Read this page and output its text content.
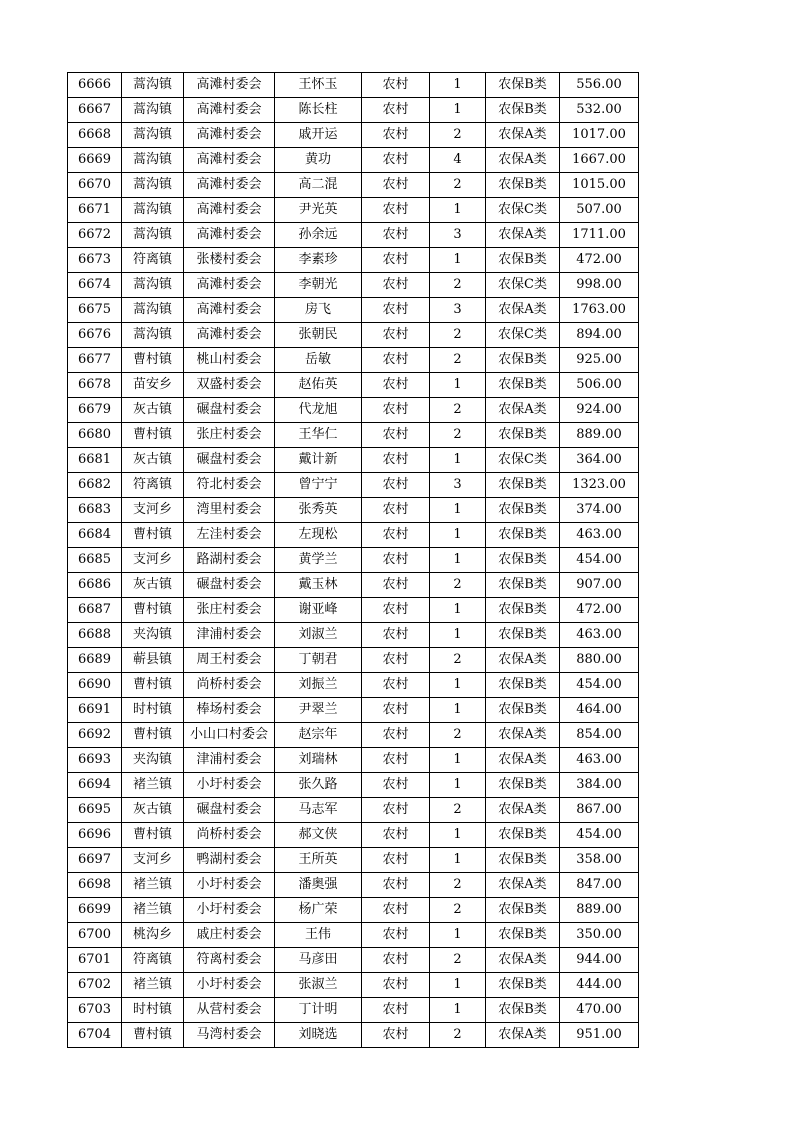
6666	蒿沟镇	高滩村委会	王怀玉	农村	1	农保B类	556.00
6667	蒿沟镇	高滩村委会	陈长柱	农村	1	农保B类	532.00
6668	蒿沟镇	高滩村委会	戚开运	农村	2	农保A类	1017.00
6669	蒿沟镇	高滩村委会	黄功	农村	4	农保A类	1667.00
6670	蒿沟镇	高滩村委会	高二混	农村	2	农保B类	1015.00
6671	蒿沟镇	高滩村委会	尹光英	农村	1	农保C类	507.00
6672	蒿沟镇	高滩村委会	孙余远	农村	3	农保A类	1711.00
6673	符离镇	张楼村委会	李素珍	农村	1	农保B类	472.00
6674	蒿沟镇	高滩村委会	李朝光	农村	2	农保C类	998.00
6675	蒿沟镇	高滩村委会	房飞	农村	3	农保A类	1763.00
6676	蒿沟镇	高滩村委会	张朝民	农村	2	农保C类	894.00
6677	曹村镇	桃山村委会	岳敏	农村	2	农保B类	925.00
6678	苗安乡	双盛村委会	赵佑英	农村	1	农保B类	506.00
6679	灰古镇	碾盘村委会	代龙旭	农村	2	农保A类	924.00
6680	曹村镇	张庄村委会	王华仁	农村	2	农保B类	889.00
6681	灰古镇	碾盘村委会	戴计新	农村	1	农保C类	364.00
6682	符离镇	符北村委会	曾宁宁	农村	3	农保B类	1323.00
6683	支河乡	湾里村委会	张秀英	农村	1	农保B类	374.00
6684	曹村镇	左洼村委会	左现松	农村	1	农保B类	463.00
6685	支河乡	路湖村委会	黄学兰	农村	1	农保B类	454.00
6686	灰古镇	碾盘村委会	戴玉林	农村	2	农保B类	907.00
6687	曹村镇	张庄村委会	谢亚峰	农村	1	农保B类	472.00
6688	夹沟镇	津浦村委会	刘淑兰	农村	1	农保B类	463.00
6689	蕲县镇	周王村委会	丁朝君	农村	2	农保A类	880.00
6690	曹村镇	尚桥村委会	刘振兰	农村	1	农保B类	454.00
6691	时村镇	棒场村委会	尹翠兰	农村	1	农保B类	464.00
6692	曹村镇	小山口村委会	赵宗年	农村	2	农保A类	854.00
6693	夹沟镇	津浦村委会	刘瑞林	农村	1	农保A类	463.00
6694	褚兰镇	小圩村委会	张久路	农村	1	农保B类	384.00
6695	灰古镇	碾盘村委会	马志军	农村	2	农保A类	867.00
6696	曹村镇	尚桥村委会	郝文侠	农村	1	农保B类	454.00
6697	支河乡	鸭湖村委会	王所英	农村	1	农保B类	358.00
6698	褚兰镇	小圩村委会	潘奥强	农村	2	农保A类	847.00
6699	褚兰镇	小圩村委会	杨广荣	农村	2	农保B类	889.00
6700	桃沟乡	戚庄村委会	王伟	农村	1	农保B类	350.00
6701	符离镇	符离村委会	马彦田	农村	2	农保A类	944.00
6702	褚兰镇	小圩村委会	张淑兰	农村	1	农保B类	444.00
6703	时村镇	从营村委会	丁计明	农村	1	农保B类	470.00
6704	曹村镇	马湾村委会	刘晓选	农村	2	农保A类	951.00
